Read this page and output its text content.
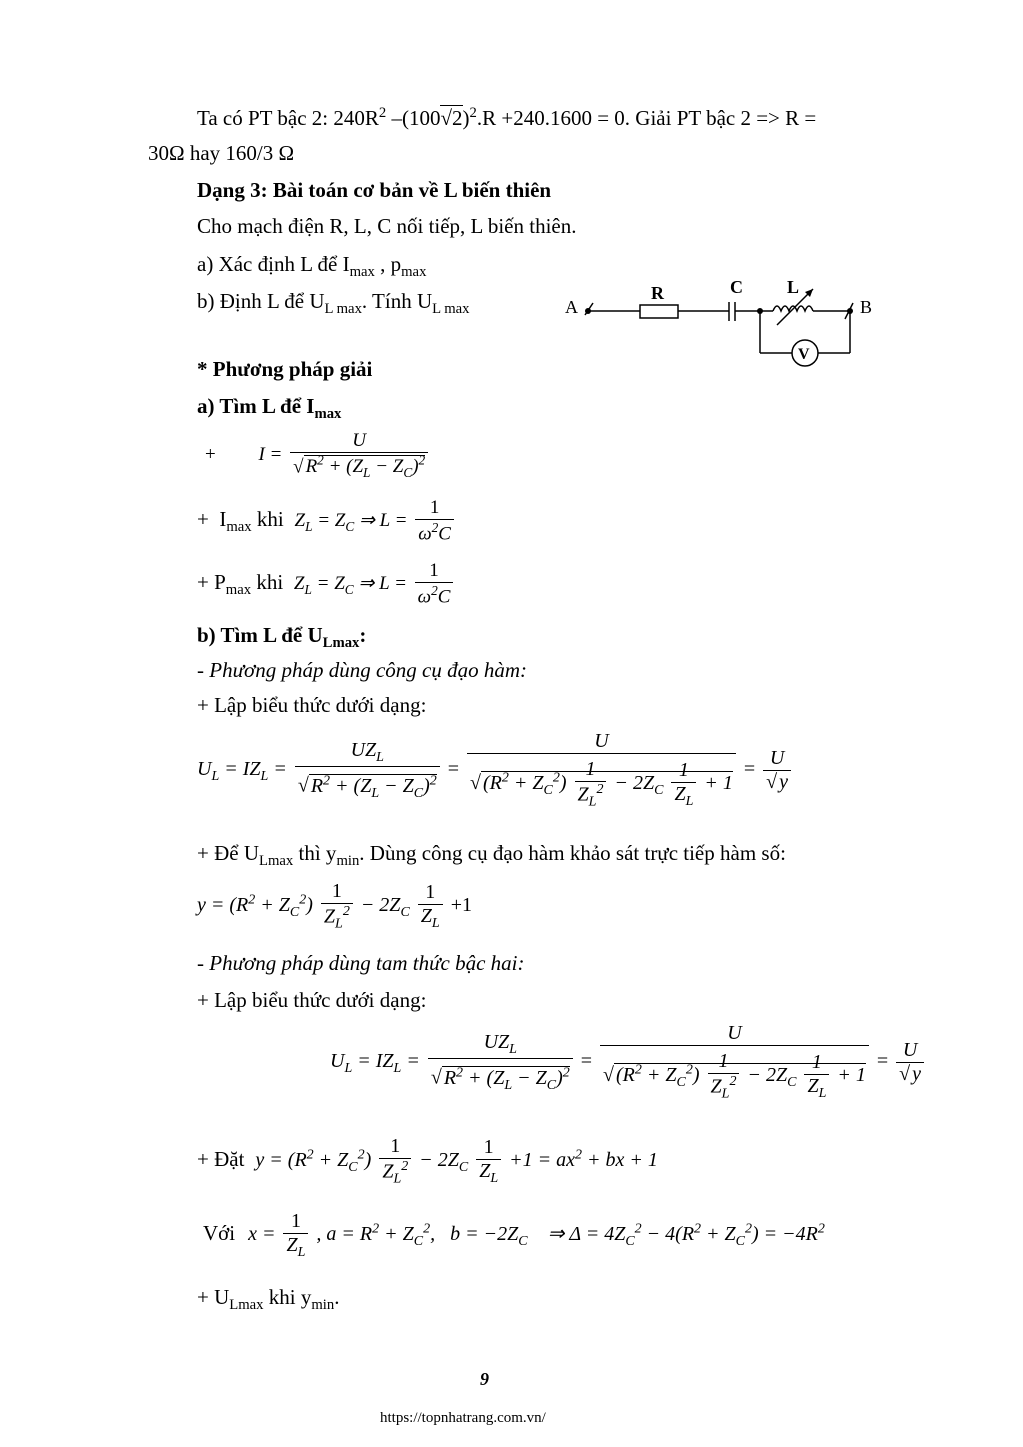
Ta có PT bậc 2: $240R^2$ $-(100√2)^2.R +240.1600 = 0$. Giải PT bậc 2 => R =
30Ω hay 160/3 Ω
Dạng 3: Bài toán cơ bản về L biến thiên
Cho mạch điện R, L, C nối tiếp, L biến thiên.
a) Xác định L để $I_{max}$ , $p_{max}$
b) Định L để $U_{L max}$. Tính $U_{L max}$	A	B
R	C L
V
* Phương pháp giải
a) Tìm L để $I_{max}$
+ $I = \frac{U}{√ R^2 + (Z_L - Z_C)^2}$
+  $I_{max}$ khi $Z_L = Z_C$ ⇒ $L = \frac{1}{\omega^2C}$
+ $P_{max}$ khi $Z_L = Z_C$ ⇒ $L = \frac{1}{\omega^2C}$
b) Tìm L để $U_{Lmax}$:
- Phương pháp dùng công cụ đạo hàm:
+ Lập biểu thức dưới dạng:
$U_L = IZ_L = \frac{UZ_L}{√ R^2 + (Z_L - Z_C)^2} = \frac{U}{√ (R^2 + Z_C^2) \frac{1}{Z_L^2} - 2Z_C \frac{1}{Z_L} + 1} = \frac{U}{√ y}$
+ Để $U_{Lmax}$ thì $y_{min}$. Dùng công cụ đạo hàm khảo sát trực tiếp hàm số:
$y = (R^2 + Z_C^2) \frac{1}{Z_L^2} - 2Z_C \frac{1}{Z_L} +1$
- Phương pháp dùng tam thức bậc hai:
+ Lập biểu thức dưới dạng:
$U_L = IZ_L = \frac{UZ_L}{√ R^2 + (Z_L - Z_C)^2} = \frac{U}{√ (R^2 + Z_C^2) \frac{1}{Z_L^2} - 2Z_C \frac{1}{Z_L} + 1} = \frac{U}{√ y}$
+ Đặt $y = (R^2 + Z_C^2) \frac{1}{Z_L^2} - 2Z_C \frac{1}{Z_L} +1 = ax^2$ + bx + 1
Với $x = \frac{1}{Z_L}$ , $a = R^2 + Z_C^2$,   $b = -2Z_C$    ⇒ $\Delta = 4Z_C^2 - 4(R^2 + Z_C^2) = -4R^2$
+ $U_{Lmax}$ khi $y_{min}$.
9
https://topnhatrang.com.vn/
